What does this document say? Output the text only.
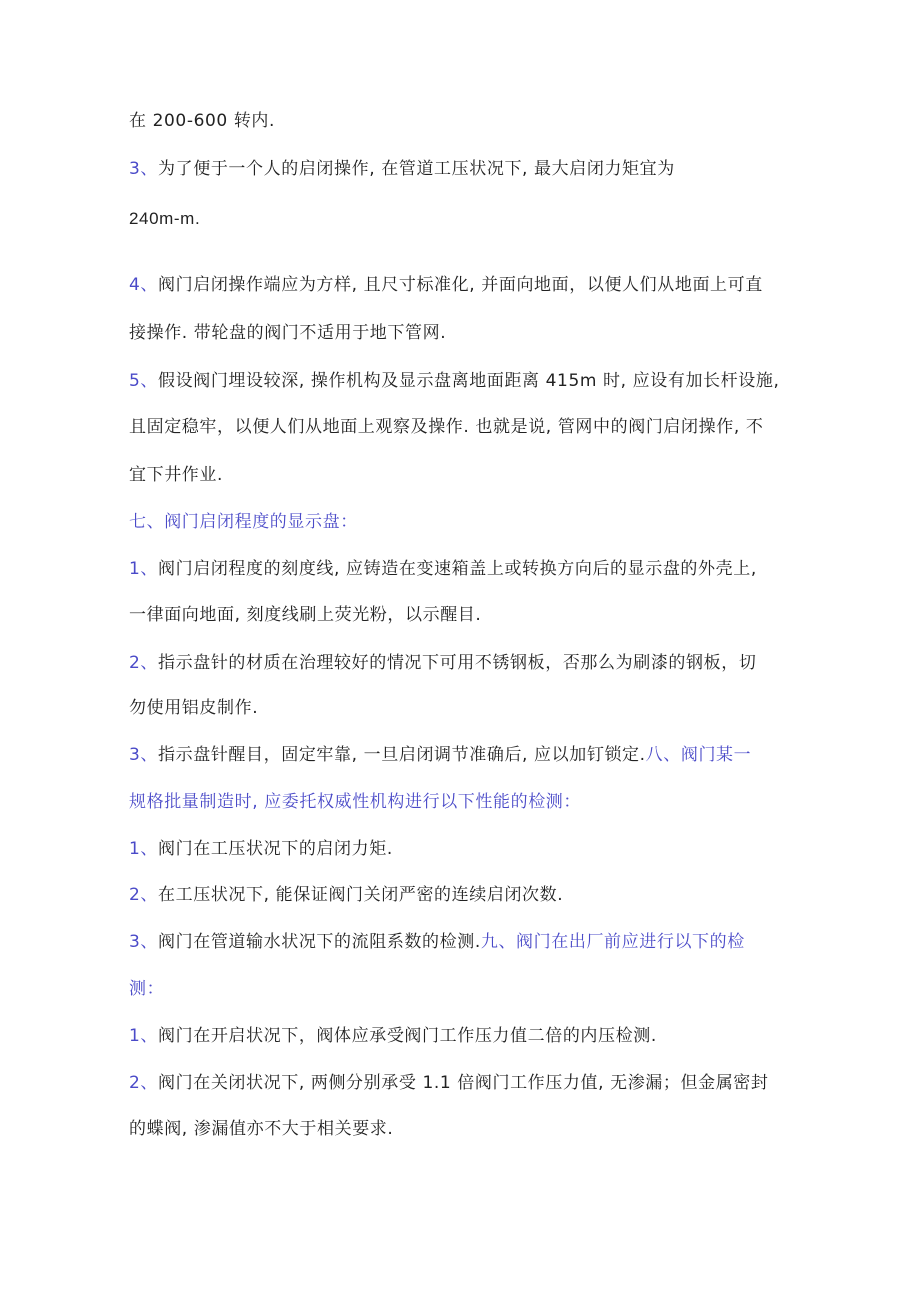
在 200-600 转内.

3、为了便于一个人的启闭操作, 在管道工压状况下, 最大启闭力矩宜为

240m-m.

4、阀门启闭操作端应为方样, 且尺寸标准化, 并面向地面，以便人们从地面上可直

接操作. 带轮盘的阀门不适用于地下管网.

5、假设阀门埋设较深, 操作机构及显示盘离地面距离 415m 时, 应设有加长杆设施,

且固定稳牢，以便人们从地面上观察及操作. 也就是说, 管网中的阀门启闭操作, 不

宜下井作业.

七、阀门启闭程度的显示盘：

1、阀门启闭程度的刻度线, 应铸造在变速箱盖上或转换方向后的显示盘的外壳上,

一律面向地面, 刻度线刷上荧光粉，以示醒目.

2、指示盘针的材质在治理较好的情况下可用不锈钢板，否那么为刷漆的钢板，切

勿使用铝皮制作.

3、指示盘针醒目，固定牢靠, 一旦启闭调节准确后, 应以加钉锁定.八、阀门某一

规格批量制造时, 应委托权威性机构进行以下性能的检测：

1、阀门在工压状况下的启闭力矩.

2、在工压状况下, 能保证阀门关闭严密的连续启闭次数.

3、阀门在管道输水状况下的流阻系数的检测.九、阀门在出厂前应进行以下的检

测：

1、阀门在开启状况下，阀体应承受阀门工作压力值二倍的内压检测.

2、阀门在关闭状况下, 两侧分别承受 1.1 倍阀门工作压力值, 无渗漏；但金属密封

的蝶阀, 渗漏值亦不大于相关要求.
